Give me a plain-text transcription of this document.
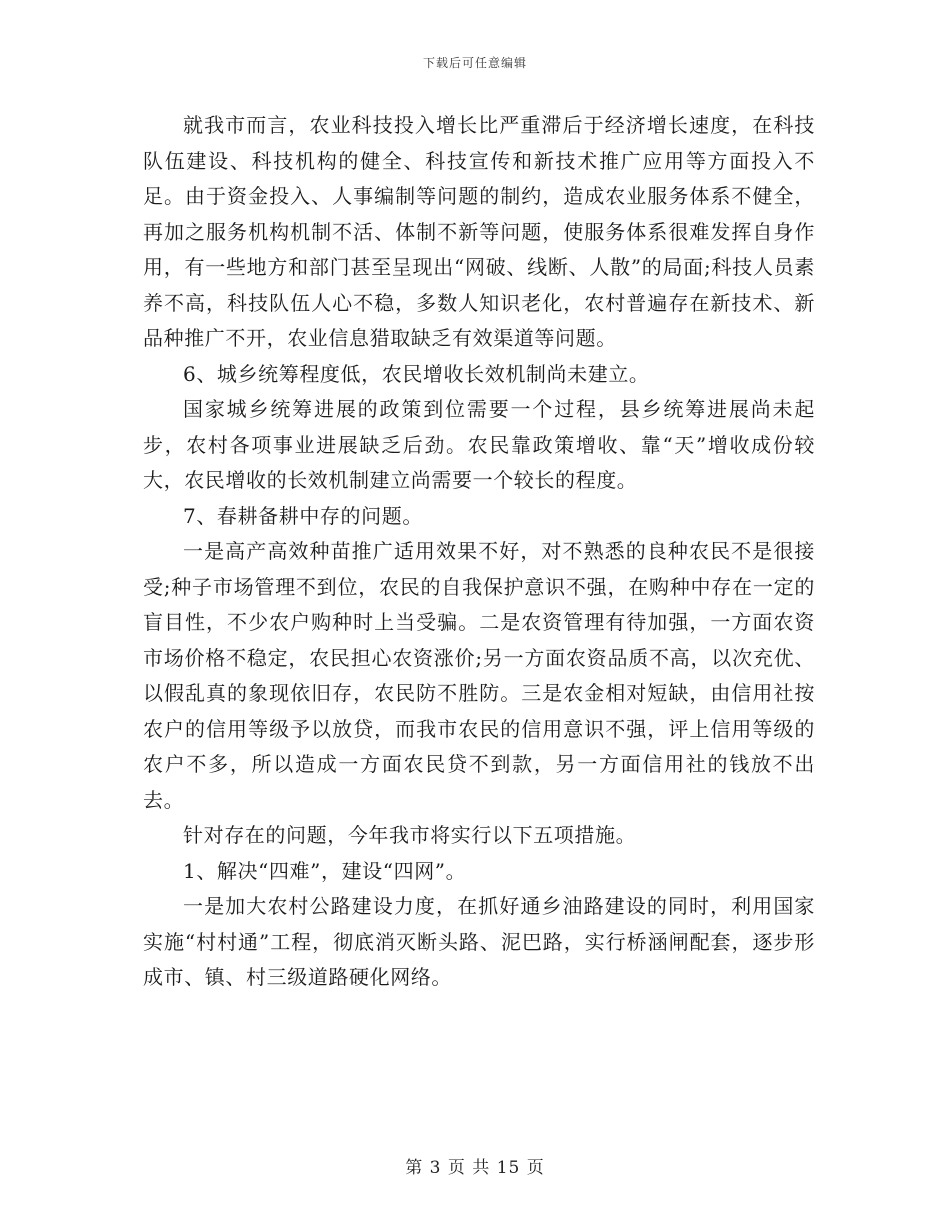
下载后可任意编辑

就我市而言，农业科技投入增长比严重滞后于经济增长速度，在科技队伍建设、科技机构的健全、科技宣传和新技术推广应用等方面投入不足。由于资金投入、人事编制等问题的制约，造成农业服务体系不健全，再加之服务机构机制不活、体制不新等问题，使服务体系很难发挥自身作用，有一些地方和部门甚至呈现出“网破、线断、人散”的局面;科技人员素养不高，科技队伍人心不稳，多数人知识老化，农村普遍存在新技术、新品种推广不开，农业信息猎取缺乏有效渠道等问题。

6、城乡统筹程度低，农民增收长效机制尚未建立。

国家城乡统筹进展的政策到位需要一个过程，县乡统筹进展尚未起步，农村各项事业进展缺乏后劲。农民靠政策增收、靠“天”增收成份较大，农民增收的长效机制建立尚需要一个较长的程度。

7、春耕备耕中存的问题。

一是高产高效种苗推广适用效果不好，对不熟悉的良种农民不是很接受;种子市场管理不到位，农民的自我保护意识不强，在购种中存在一定的盲目性，不少农户购种时上当受骗。二是农资管理有待加强，一方面农资市场价格不稳定，农民担心农资涨价;另一方面农资品质不高，以次充优、以假乱真的象现依旧存，农民防不胜防。三是农金相对短缺，由信用社按农户的信用等级予以放贷，而我市农民的信用意识不强，评上信用等级的农户不多，所以造成一方面农民贷不到款，另一方面信用社的钱放不出去。

针对存在的问题，今年我市将实行以下五项措施。

1、解决“四难”，建设“四网”。

一是加大农村公路建设力度，在抓好通乡油路建设的同时，利用国家实施“村村通”工程，彻底消灭断头路、泥巴路，实行桥涵闸配套，逐步形成市、镇、村三级道路硬化网络。

第 3 页 共 15 页
